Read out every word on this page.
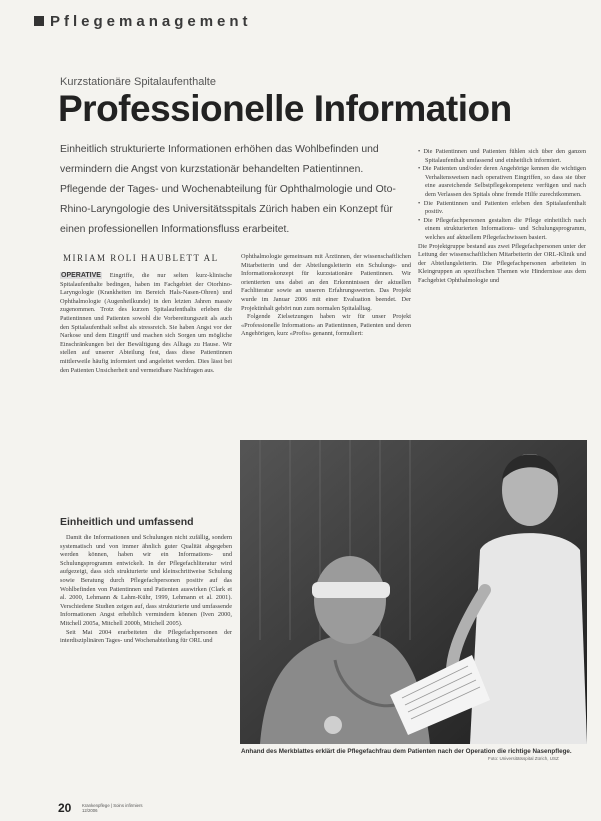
Pflegemanagement
Kurzstationäre Spitalaufenthalte
Professionelle Information
Einheitlich strukturierte Informationen erhöhen das Wohlbefinden und vermindern die Angst von kurzstationär behandelten Patientinnen. Pflegende der Tages- und Wochenabteilung für Ophthalmologie und Oto-Rhino-Laryngologie des Universitätsspitals Zürich haben ein Konzept für einen professionellen Informationsfluss erarbeitet.
MIRIAM ROLI HAUBLETT AL

OPERATIVE Eingriffe, die nur selten kurz-klinische Spitalaufenthalte bedingen, haben im Fachgebiet der Otorhino-Laryngologie (Krankheiten im Bereich Hals-Nasen-Ohren) und Ophthalmologie (Augenheilkunde) in den letzten Jahren massiv zugenommen. Trotz des kurzen Spitalaufenthalts erleben die Patientinnen und Patienten sowohl die Vorbereitungszeit als auch den Spitalaufenthalt selbst als stressreich. Sie haben Angst vor der Narkose und dem Eingriff und machen sich Sorgen um mögliche Einschränkungen bei der Bewältigung des Alltags zu Hause. Wir stellen auf unserer Abteilung fest, dass diese Patientinnen mittlerweile häufig informiert und angeleitet werden. Dies lässt bei den Patienten Unsicherheit und vermeidbare Nachfragen aus.

Einheitlich und umfassend

Damit die Informationen und Schulungen nicht zufällig, sondern systematisch und von immer ähnlich guter Qualität abgegeben werden können, haben wir ein Informations- und Schulungsprogramm entwickelt. In der Pflegefachliteratur wird aufgezeigt, dass sich strukturierte und kleinschrittweise Schulung sowie Beratung durch Pflegefachpersonen positiv auf das Wohlbefinden von Patientinnen und Patienten auswirken (Clark et al. 2000, Lehmann & Lahm-Kühr, 1999, Lehmann et al. 2001). Verschiedene Studien zeigen auf, dass strukturierte und umfassende Informationen Angst erheblich vermindern können (Iven 2000, Mitchell 2005a, Mitchell 2000b, Mitchell 2005).

Seit Mai 2004 erarbeiteten die Pflegefachpersonen der interdisziplinären Tages- und Wochenabteilung für ORL und

Ophthalmologie gemeinsam mit Ärztinnen, der wissenschaftlichen Mitarbeiterin und der Abteilungsleiterin ein Schulungs- und Informationskonzept für kurzstationäre Patientinnen. Wir orientierten uns dabei an den Erkenntnissen der aktuellen Fachliteratur sowie an unseren Erfahrungswerten. Das Projekt wurde im Januar 2006 mit einer Evaluation beendet. Der Projektinhalt gehört nun zum normalen Spitalalltag.

Folgende Zielsetzungen haben wir für unser Projekt «Professionelle Information» an Patientinnen, Patienten und deren Angehörigen, kurz «Profis» genannt, formuliert:

• Die Patientinnen und Patienten fühlen sich über den ganzen Spitalaufenthalt umfassend und einheitlich informiert.

• Die Patienten und/oder deren Angehörige kennen die wichtigen Verhaltensweisen nach operativen Eingriffen, so dass sie über eine ausreichende Selbstpflegekompetenz verfügen und nach dem Verlassen des Spitals ohne fremde Hilfe zurechtkommen.

• Die Patientinnen und Patienten erleben den Spitalaufenthalt positiv.

• Die Pflegefachpersonen gestalten die Pflege einheitlich nach einem strukturierten Informations- und Schulungsprogramm, welches auf aktuellem Pflegefachwissen basiert.

Die Projektgruppe bestand aus zwei Pflegefachpersonen unter der Leitung der wissenschaftlichen Mitarbeiterin der ORL-Klinik und der Abteilungsleiterin. Die Pflegefachpersonen arbeiteten in Kleingruppen an spezifischen Themen wie Hindernisse aus dem Fachgebiet Ophthalmologie und

Anhand des Merkblattes erklärt die Pflegefachfrau dem Patienten nach der Operation die richtige Nasenpflege.
Foto: Universitätsspital Zürich, USZ
20 Krankenpflege | Soins infirmiers
12/2006
